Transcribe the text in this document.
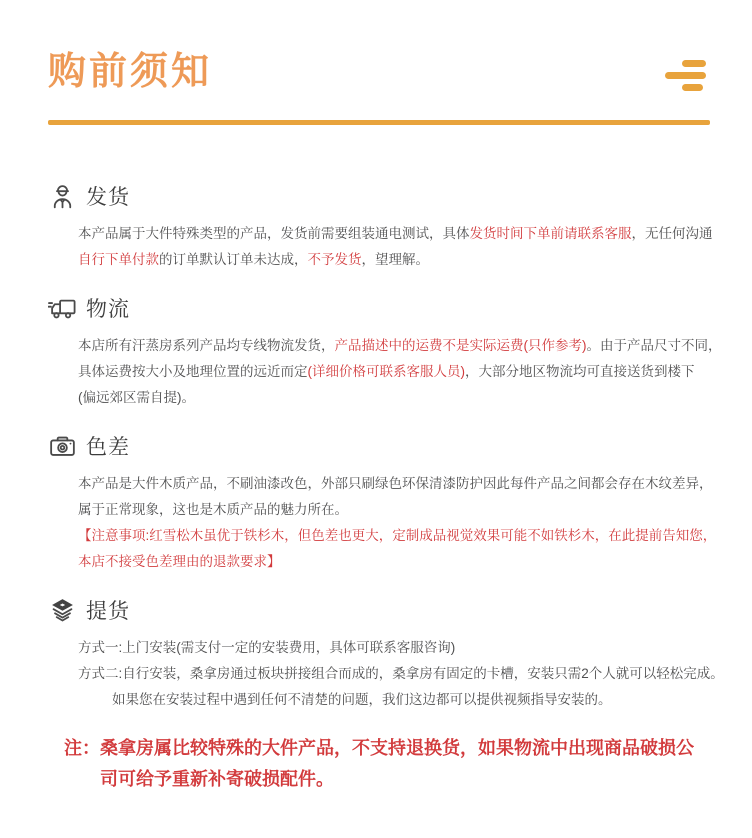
购前须知
发货
本产品属于大件特殊类型的产品，发货前需要组装通电测试，具体发货时间下单前请联系客服，无任何沟通
自行下单付款的订单默认订单未达成，不予发货，望理解。
物流
本店所有汗蒸房系列产品均专线物流发货，产品描述中的运费不是实际运费(只作参考)。由于产品尺寸不同，
具体运费按大小及地理位置的远近而定(详细价格可联系客服人员)，大部分地区物流均可直接送货到楼下
(偏远郊区需自提)。
色差
本产品是大件木质产品，不刷油漆改色，外部只刷绿色环保清漆防护因此每件产品之间都会存在木纹差异，
属于正常现象，这也是木质产品的魅力所在。
【注意事项:红雪松木虽优于铁杉木，但色差也更大，定制成品视觉效果可能不如铁杉木，在此提前告知您，
本店不接受色差理由的退款要求】
提货
方式一:上门安装(需支付一定的安装费用，具体可联系客服咨询)
方式二:自行安装，桑拿房通过板块拼接组合而成的，桑拿房有固定的卡槽，安装只需2个人就可以轻松完成。
如果您在安装过程中遇到任何不清楚的问题，我们这边都可以提供视频指导安装的。
注： 桑拿房属比较特殊的大件产品，不支持退换货，如果物流中出现商品破损公
司可给予重新补寄破损配件。
